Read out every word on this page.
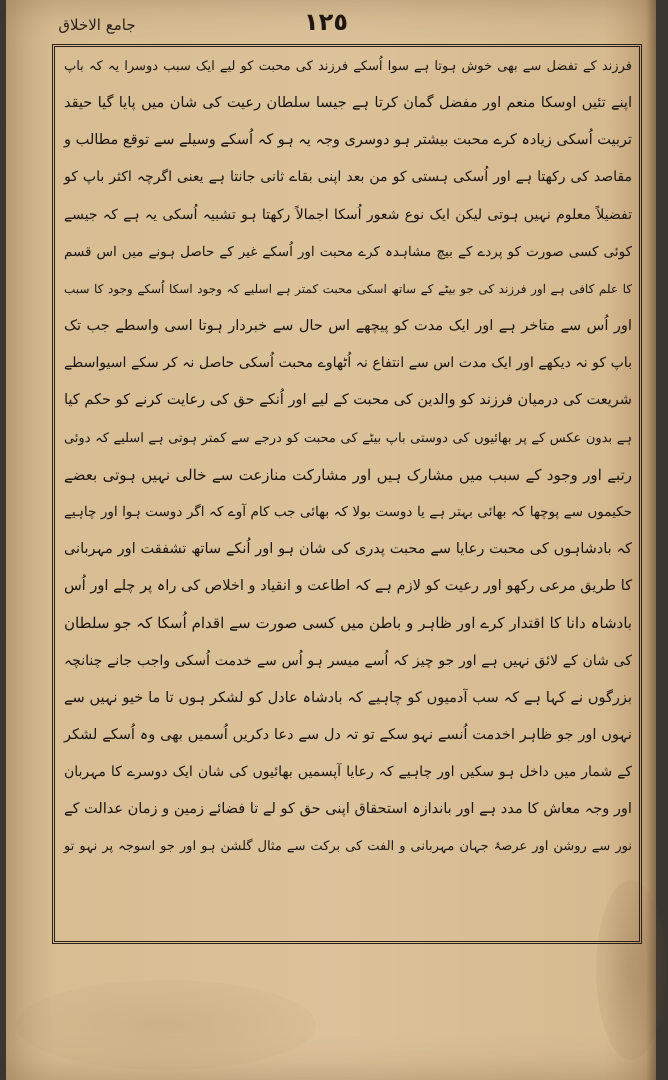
جامع الاخلاق	١٢٥
فرزند کے تفضل سے بھی خوش ہوتا ہے سوا اُسکے فرزند کی محبت کو لیے ایک سبب دوسرا یہ کہ باپ
اپنے تئیں اوسکا منعم اور مفضل گمان کرتا ہے جیسا سلطان رعیت کی شان میں پایا گیا حیقد
تربیت اُسکی زیادہ کرے محبت بیشتر ہو دوسری وجہ یہ ہو کہ اُسکے وسیلے سے توقع مطالب و
مقاصد کی رکھتا ہے اور اُسکی ہستی کو من بعد اپنی بقاے ثانی جانتا ہے یعنی اگرچہ اکثر باپ کو
تفضیلاً معلوم نہیں ہوتی لیکن ایک نوع شعور اُسکا اجمالاً رکھتا ہو تشبیہ اُسکی یہ ہے کہ جیسے
کوئی کسی صورت کو پردے کے بیچ مشاہدہ کرے محبت اور اُسکے غیر کے حاصل ہونے میں اس قسم
کا علم کافی ہے اور فرزند کی جو بیٹے کے ساتھ اسکی محبت کمتر ہے اسلیے کہ وجود اسکا اُسکے وجود کا سبب
اور اُس سے متاخر ہے اور ایک مدت کو پیچھے اس حال سے خبردار ہوتا اسی واسطے جب تک
باپ کو نہ دیکھے اور ایک مدت اس سے انتفاع نہ اُٹھاوے محبت اُسکی حاصل نہ کر سکے اسیواسطے
شریعت کی درمیان فرزند کو والدین کی محبت کے لیے اور اُنکے حق کی رعایت کرنے کو حکم کیا
ہے بدون عکس کے پر بھائیوں کی دوستی باپ بیٹے کی محبت کو درجے سے کمتر ہوتی ہے اسلیے کہ دوئی
رتبے اور وجود کے سبب میں مشارک ہیں اور مشارکت منازعت سے خالی نہیں ہوتی بعضے
حکیموں سے پوچھا کہ بھائی بہتر ہے یا دوست بولا کہ بھائی جب کام آوے کہ اگر دوست ہوا اور چاہیے
کہ بادشاہوں کی محبت رعایا سے محبت پدری کی شان ہو اور اُنکے ساتھ تشفقت اور مہربانی
کا طریق مرعی رکھو اور رعیت کو لازم ہے کہ اطاعت و انقیاد و اخلاص کی راہ پر چلے اور اُس
بادشاہ دانا کا اقتدار کرے اور ظاہر و باطن میں کسی صورت سے اقدام اُسکا کہ جو سلطان
کی شان کے لائق نہیں ہے اور جو چیز کہ اُسے میسر ہو اُس سے خدمت اُسکی واجب جانے چنانچہ
بزرگوں نے کہا ہے کہ سب آدمیوں کو چاہیے کہ بادشاہ عادل کو لشکر ہوں تا ما خیو نہیں سے
نہوں اور جو ظاہر اخدمت اُنسے نہو سکے تو تہ دل سے دعا دکریں اُسمیں بھی وہ اُسکے لشکر
کے شمار میں داخل ہو سکیں اور چاہیے کہ رعایا آپسمیں بھائیوں کی شان ایک دوسرے کا مہربان
اور وجہ معاش کا مدد ہے اور باندازہ استحقاق اپنی حق کو لے تا فضائے زمین و زمان عدالت کے
نور سے روشن اور عرصۂ جہان مہربانی و الفت کی برکت سے مثال گلشن ہو اور جو اسوجہ پر نہو تو
